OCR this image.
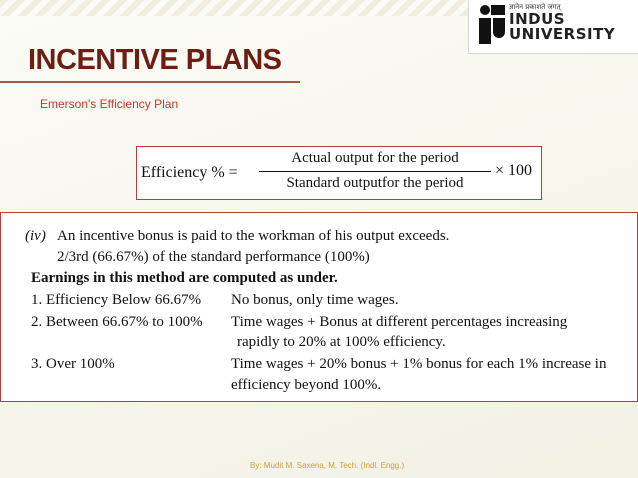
ज्ञानेन प्रकाशते जगत्
INDUS
UNIVERSITY
INCENTIVE PLANS
Emerson's Efficiency Plan
Efficiency % =
Actual output for the period
Standard outputfor the period
× 100
(iv) An incentive bonus is paid to the workman of his output exceeds.
2/3rd (66.67%) of the standard performance (100%)
Earnings in this method are computed as under.
1. Efficiency Below 66.67% No bonus, only time wages.
2. Between 66.67% to 100% Time wages + Bonus at different percentages increasing
rapidly to 20% at 100% efficiency.
3. Over 100%	Time wages + 20% bonus + 1% bonus for each 1% increase in
efficiency beyond 100%.
By: Mudit M. Saxena, M. Tech. (Indl. Engg.)
